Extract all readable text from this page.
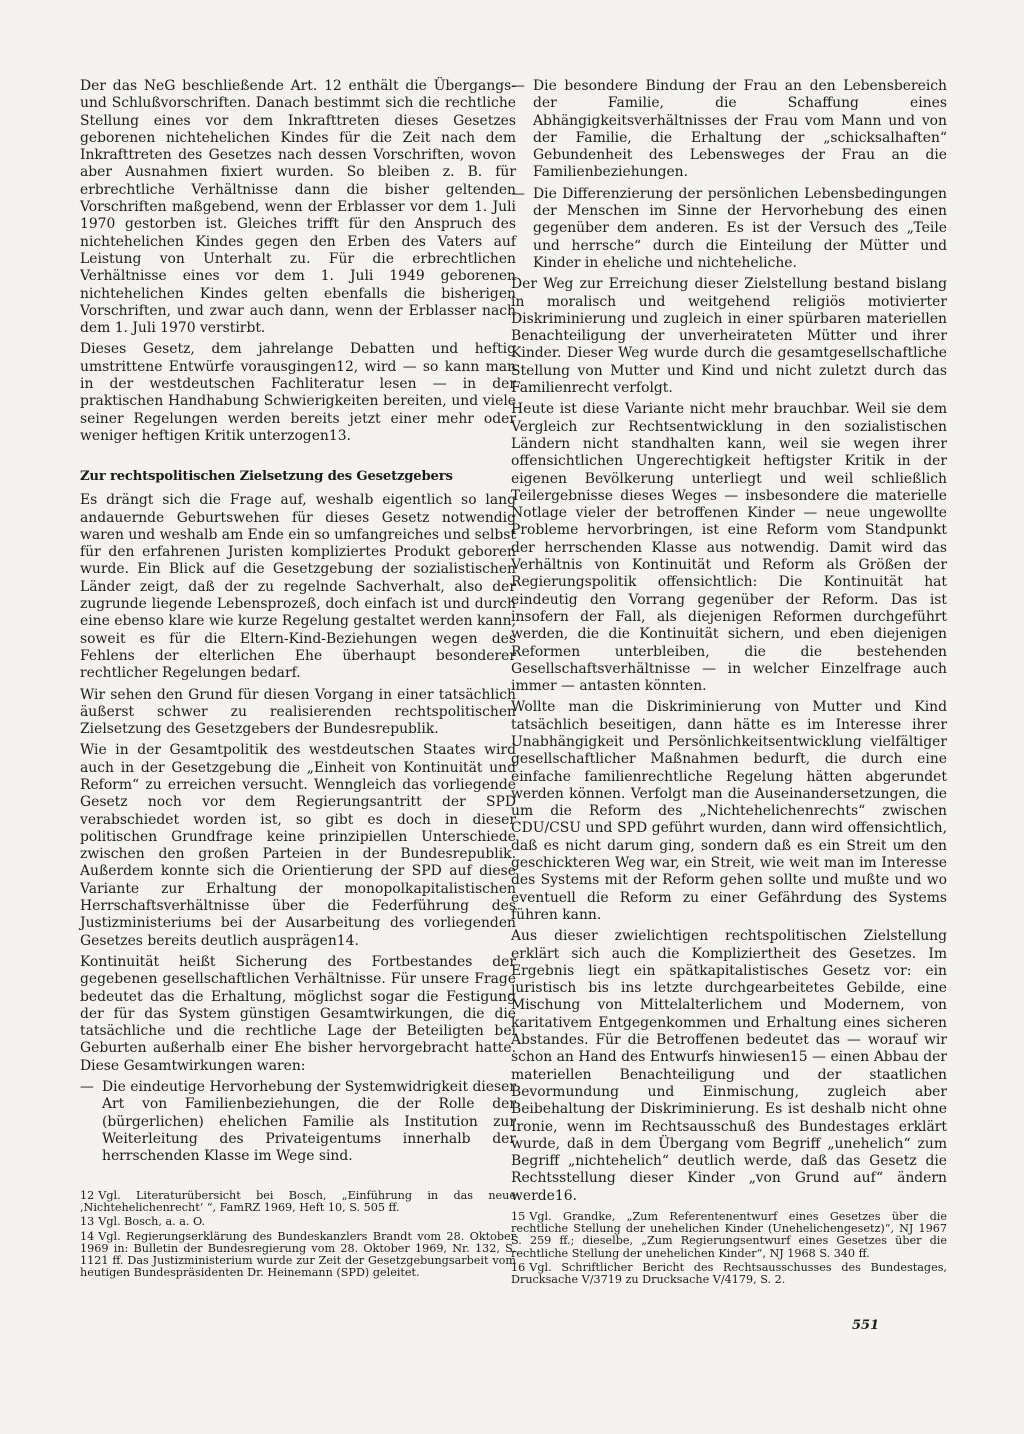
Der das NeG beschließende Art. 12 enthält die Übergangs- und Schlußvorschriften. Danach bestimmt sich die rechtliche Stellung eines vor dem Inkrafttreten dieses Gesetzes geborenen nichtehelichen Kindes für die Zeit nach dem Inkrafttreten des Gesetzes nach dessen Vorschriften, wovon aber Ausnahmen fixiert wurden. So bleiben z. B. für erbrechtliche Verhältnisse dann die bisher geltenden Vorschriften maßgebend, wenn der Erblasser vor dem 1. Juli 1970 gestorben ist. Gleiches trifft für den Anspruch des nichtehelichen Kindes gegen den Erben des Vaters auf Leistung von Unterhalt zu. Für die erbrechtlichen Verhältnisse eines vor dem 1. Juli 1949 geborenen nichtehelichen Kindes gelten ebenfalls die bisherigen Vorschriften, und zwar auch dann, wenn der Erblasser nach dem 1. Juli 1970 verstirbt.

Dieses Gesetz, dem jahrelange Debatten und heftig umstrittene Entwürfe vorausgingen12, wird — so kann man in der westdeutschen Fachliteratur lesen — in der praktischen Handhabung Schwierigkeiten bereiten, und viele seiner Regelungen werden bereits jetzt einer mehr oder weniger heftigen Kritik unterzogen13.

Zur rechtspolitischen Zielsetzung des Gesetzgebers

Es drängt sich die Frage auf, weshalb eigentlich so lang andauernde Geburtswehen für dieses Gesetz notwendig waren und weshalb am Ende ein so umfangreiches und selbst für den erfahrenen Juristen kompliziertes Produkt geboren wurde. Ein Blick auf die Gesetzgebung der sozialistischen Länder zeigt, daß der zu regelnde Sachverhalt, also der zugrunde liegende Lebensprozeß, doch einfach ist und durch eine ebenso klare wie kurze Regelung gestaltet werden kann, soweit es für die Eltern-Kind-Beziehungen wegen des Fehlens der elterlichen Ehe überhaupt besonderer rechtlicher Regelungen bedarf.

Wir sehen den Grund für diesen Vorgang in einer tatsächlich äußerst schwer zu realisierenden rechtspolitischen Zielsetzung des Gesetzgebers der Bundesrepublik.

Wie in der Gesamtpolitik des westdeutschen Staates wird auch in der Gesetzgebung die „Einheit von Kontinuität und Reform“ zu erreichen versucht. Wenngleich das vorliegende Gesetz noch vor dem Regierungsantritt der SPD verabschiedet worden ist, so gibt es doch in dieser politischen Grundfrage keine prinzipiellen Unterschiede zwischen den großen Parteien in der Bundesrepublik. Außerdem konnte sich die Orientierung der SPD auf diese Variante zur Erhaltung der monopolkapitalistischen Herrschaftsverhältnisse über die Federführung des Justizministeriums bei der Ausarbeitung des vorliegenden Gesetzes bereits deutlich ausprägen14.

Kontinuität heißt Sicherung des Fortbestandes der gegebenen gesellschaftlichen Verhältnisse. Für unsere Frage bedeutet das die Erhaltung, möglichst sogar die Festigung der für das System günstigen Gesamtwirkungen, die die tatsächliche und die rechtliche Lage der Beteiligten bei Geburten außerhalb einer Ehe bisher hervorgebracht hatte. Diese Gesamtwirkungen waren:

— Die eindeutige Hervorhebung der Systemwidrigkeit dieser Art von Familienbeziehungen, die der Rolle der (bürgerlichen) ehelichen Familie als Institution zur Weiterleitung des Privateigentums innerhalb der herrschenden Klasse im Wege sind.
— Die besondere Bindung der Frau an den Lebensbereich der Familie, die Schaffung eines Abhängigkeitsverhältnisses der Frau vom Mann und von der Familie, die Erhaltung der „schicksalhaften“ Gebundenheit des Lebensweges der Frau an die Familienbeziehungen.
— Die Differenzierung der persönlichen Lebensbedingungen der Menschen im Sinne der Hervorhebung des einen gegenüber dem anderen. Es ist der Versuch des „Teile und herrsche“ durch die Einteilung der Mütter und Kinder in eheliche und nichteheliche.

Der Weg zur Erreichung dieser Zielstellung bestand bislang in moralisch und weitgehend religiös motivierter Diskriminierung und zugleich in einer spürbaren materiellen Benachteiligung der unverheirateten Mütter und ihrer Kinder. Dieser Weg wurde durch die gesamtgesellschaftliche Stellung von Mutter und Kind und nicht zuletzt durch das Familienrecht verfolgt.

Heute ist diese Variante nicht mehr brauchbar. Weil sie dem Vergleich zur Rechtsentwicklung in den sozialistischen Ländern nicht standhalten kann, weil sie wegen ihrer offensichtlichen Ungerechtigkeit heftigster Kritik in der eigenen Bevölkerung unterliegt und weil schließlich Teilergebnisse dieses Weges — insbesondere die materielle Notlage vieler der betroffenen Kinder — neue ungewollte Probleme hervorbringen, ist eine Reform vom Standpunkt der herrschenden Klasse aus notwendig. Damit wird das Verhältnis von Kontinuität und Reform als Größen der Regierungspolitik offensichtlich: Die Kontinuität hat eindeutig den Vorrang gegenüber der Reform. Das ist insofern der Fall, als diejenigen Reformen durchgeführt werden, die die Kontinuität sichern, und eben diejenigen Reformen unterbleiben, die die bestehenden Gesellschaftsverhältnisse — in welcher Einzelfrage auch immer — antasten könnten.

Wollte man die Diskriminierung von Mutter und Kind tatsächlich beseitigen, dann hätte es im Interesse ihrer Unabhängigkeit und Persönlichkeitsentwicklung vielfältiger gesellschaftlicher Maßnahmen bedurft, die durch eine einfache familienrechtliche Regelung hätten abgerundet werden können. Verfolgt man die Auseinandersetzungen, die um die Reform des „Nichtehelichenrechts“ zwischen CDU/CSU und SPD geführt wurden, dann wird offensichtlich, daß es nicht darum ging, sondern daß es ein Streit um den geschickteren Weg war, ein Streit, wie weit man im Interesse des Systems mit der Reform gehen sollte und mußte und wo eventuell die Reform zu einer Gefährdung des Systems führen kann.

Aus dieser zwielichtigen rechtspolitischen Zielstellung erklärt sich auch die Kompliziertheit des Gesetzes. Im Ergebnis liegt ein spätkapitalistisches Gesetz vor: ein juristisch bis ins letzte durchgearbeitetes Gebilde, eine Mischung von Mittelalterlichem und Modernem, von karitativem Entgegenkommen und Erhaltung eines sicheren Abstandes. Für die Betroffenen bedeutet das — worauf wir schon an Hand des Entwurfs hinwiesen15 — einen Abbau der materiellen Benachteiligung und der staatlichen Bevormundung und Einmischung, zugleich aber Beibehaltung der Diskriminierung. Es ist deshalb nicht ohne Ironie, wenn im Rechtsausschuß des Bundestages erklärt wurde, daß in dem Übergang vom Begriff „unehelich“ zum Begriff „nichtehelich“ deutlich werde, daß das Gesetz die Rechtsstellung dieser Kinder „von Grund auf“ ändern werde16.

12 Vgl. Literaturübersicht bei Bosch, „Einführung in das neue ‚Nichtehelichenrecht‘ “, FamRZ 1969, Heft 10, S. 505 ff.

13 Vgl. Bosch, a. a. O.

14 Vgl. Regierungserklärung des Bundeskanzlers Brandt vom 28. Oktober 1969 in: Bulletin der Bundesregierung vom 28. Oktober 1969, Nr. 132, S. 1121 ff. Das Justizministerium wurde zur Zeit der Gesetzgebungsarbeit vom heutigen Bundespräsidenten Dr. Heinemann (SPD) geleitet.

15 Vgl. Grandke, „Zum Referentenentwurf eines Gesetzes über die rechtliche Stellung der unehelichen Kinder (Unehelichengesetz)“, NJ 1967 S. 259 ff.; dieselbe, „Zum Regierungsentwurf eines Gesetzes über die rechtliche Stellung der unehelichen Kinder“, NJ 1968 S. 340 ff.

16 Vgl. Schriftlicher Bericht des Rechtsausschusses des Bundestages, Drucksache V/3719 zu Drucksache V/4179, S. 2.

551
